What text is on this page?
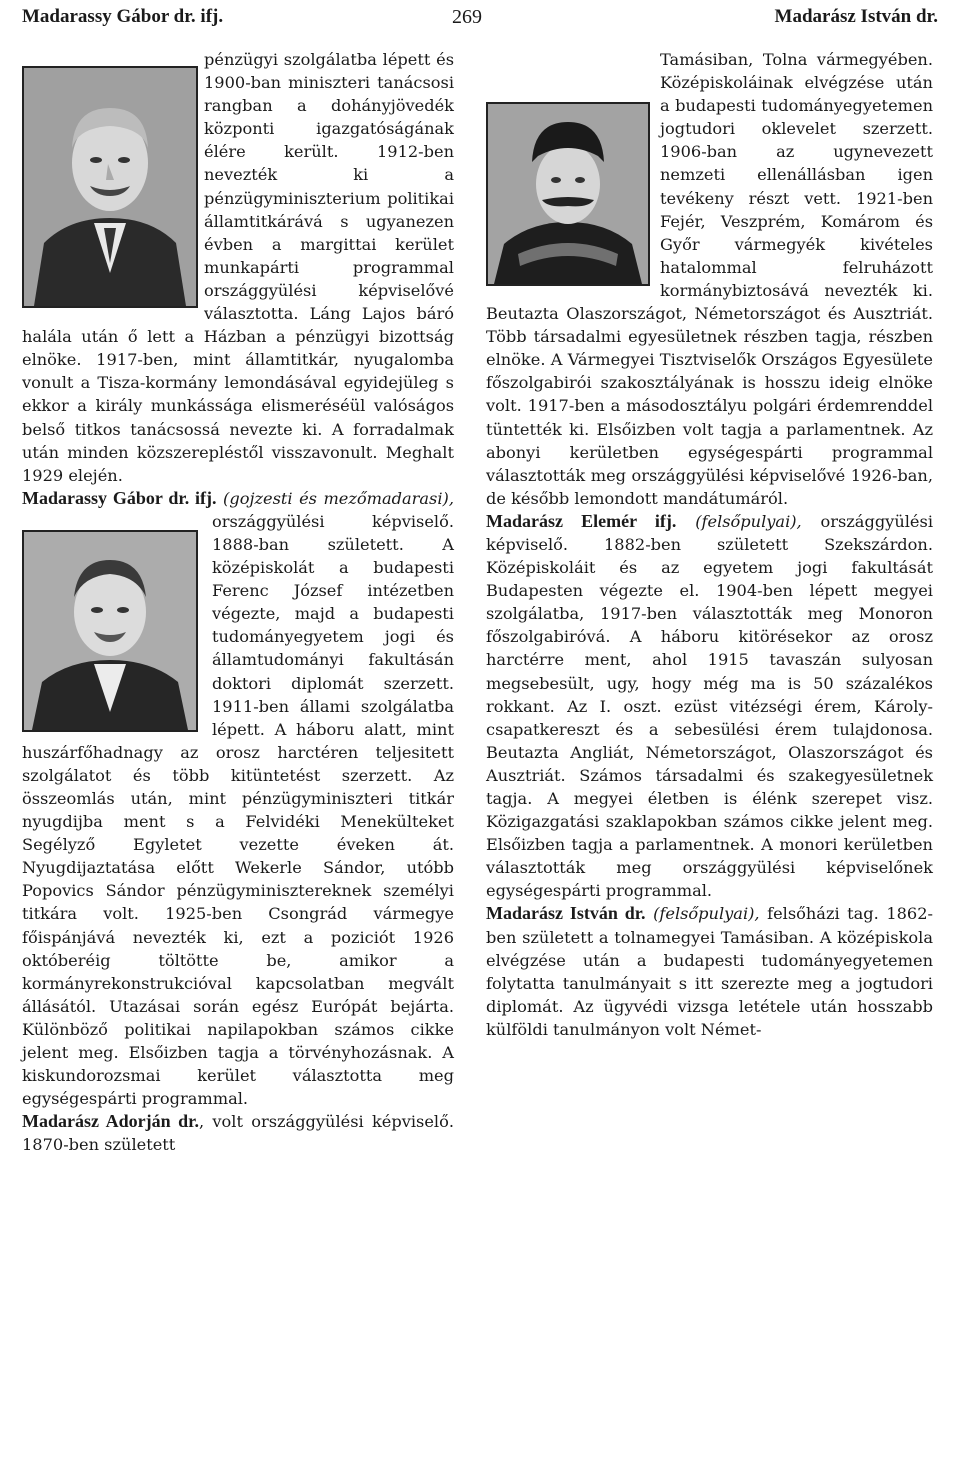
Madarassy Gábor dr. ifj.	269	Madarász István dr.

pénzügyi szolgálatba lépett és 1900-ban miniszteri tanácsosi rangban a dohányjövedék központi igazgatóságának élére került. 1912-ben nevezték ki a pénzügyminiszterium politikai államtitkárává s ugyanezen évben a margittai kerület munkapárti programmal országgyülési képviselővé választotta. Láng Lajos báró halála után ő lett a Házban a pénzügyi bizottság elnöke. 1917-ben, mint államtitkár, nyugalomba vonult a Tisza-kormány lemondásával egyidejüleg s ekkor a király munkássága elismeréséül valóságos belső titkos tanácsossá nevezte ki. A forradalmak után minden közszerepléstől visszavonult. Meghalt 1929 elején.

Madarassy Gábor dr. ifj. (gojzesti és mezőmadarasi),
országgyülési képviselő. 1888-ban született. A középiskolát a budapesti Ferenc József intézetben végezte, majd a budapesti tudományegyetem jogi és államtudományi fakultásán doktori diplomát szerzett. 1911-ben állami szolgálatba lépett. A háboru alatt, mint huszárfőhadnagy az orosz harctéren teljesitett szolgálatot és több kitüntetést szerzett. Az összeomlás után, mint pénzügyminiszteri titkár nyugdijba ment s a Felvidéki Menekülteket Segélyző Egyletet vezette éveken át. Nyugdijaztatása előtt Wekerle Sándor, utóbb Popovics Sándor pénzügyminisztereknek személyi titkára volt. 1925-ben Csongrád vármegye főispánjává nevezték ki, ezt a poziciót 1926 októberéig töltötte be, amikor a kormányrekonstrukcióval kapcsolatban megvált állásától. Utazásai során egész Európát bejárta. Különböző politikai napilapokban számos cikke jelent meg. Elsőizben tagja a törvényhozásnak. A kiskundorozsmai kerület választotta meg egységespárti programmal.

Madarász Adorján dr., volt országgyülési képviselő. 1870-ben született

Tamásiban, Tolna vármegyében. Középiskoláinak elvégzése után a budapesti tudományegyetemen jogtudori oklevelet szerzett. 1906-ban az ugynevezett nemzeti ellenállásban igen tevékeny részt vett. 1921-ben Fejér, Veszprém, Komárom és Győr vármegyék kivételes hatalommal felruházott kormánybiztosává nevezték ki. Beutazta Olaszországot, Németországot és Ausztriát. Több társadalmi egyesületnek részben tagja, részben elnöke. A Vármegyei Tisztviselők Országos Egyesülete főszolgabirói szakosztályának is hosszu ideig elnöke volt. 1917-ben a másodosztályu polgári érdemrenddel tüntették ki. Elsőizben volt tagja a parlamentnek. Az abonyi kerületben egységespárti programmal választották meg országgyülési képviselővé 1926-ban, de később lemondott mandátumáról.

Madarász Elemér ifj. (felsőpulyai), országgyülési képviselő. 1882-ben született Szekszárdon. Középiskoláit és az egyetem jogi fakultását Budapesten végezte el. 1904-ben lépett megyei szolgálatba, 1917-ben választották meg Monoron főszolgabiróvá. A háboru kitörésekor az orosz harctérre ment, ahol 1915 tavaszán sulyosan megsebesült, ugy, hogy még ma is 50 százalékos rokkant. Az I. oszt. ezüst vitézségi érem, Károly-csapatkereszt és a sebesülési érem tulajdonosa. Beutazta Angliát, Németországot, Olaszországot és Ausztriát. Számos társadalmi és szakegyesületnek tagja. A megyei életben is élénk szerepet visz. Közigazgatási szaklapokban számos cikke jelent meg. Elsőizben tagja a parlamentnek. A monori kerületben választották meg országgyülési képviselőnek egységespárti programmal.

Madarász István dr. (felsőpulyai), felsőházi tag. 1862-ben született a tolnamegyei Tamásiban. A középiskola elvégzése után a budapesti tudományegyetemen folytatta tanulmányait s itt szerezte meg a jogtudori diplomát. Az ügyvédi vizsga letétele után hosszabb külföldi tanulmányon volt Német-
